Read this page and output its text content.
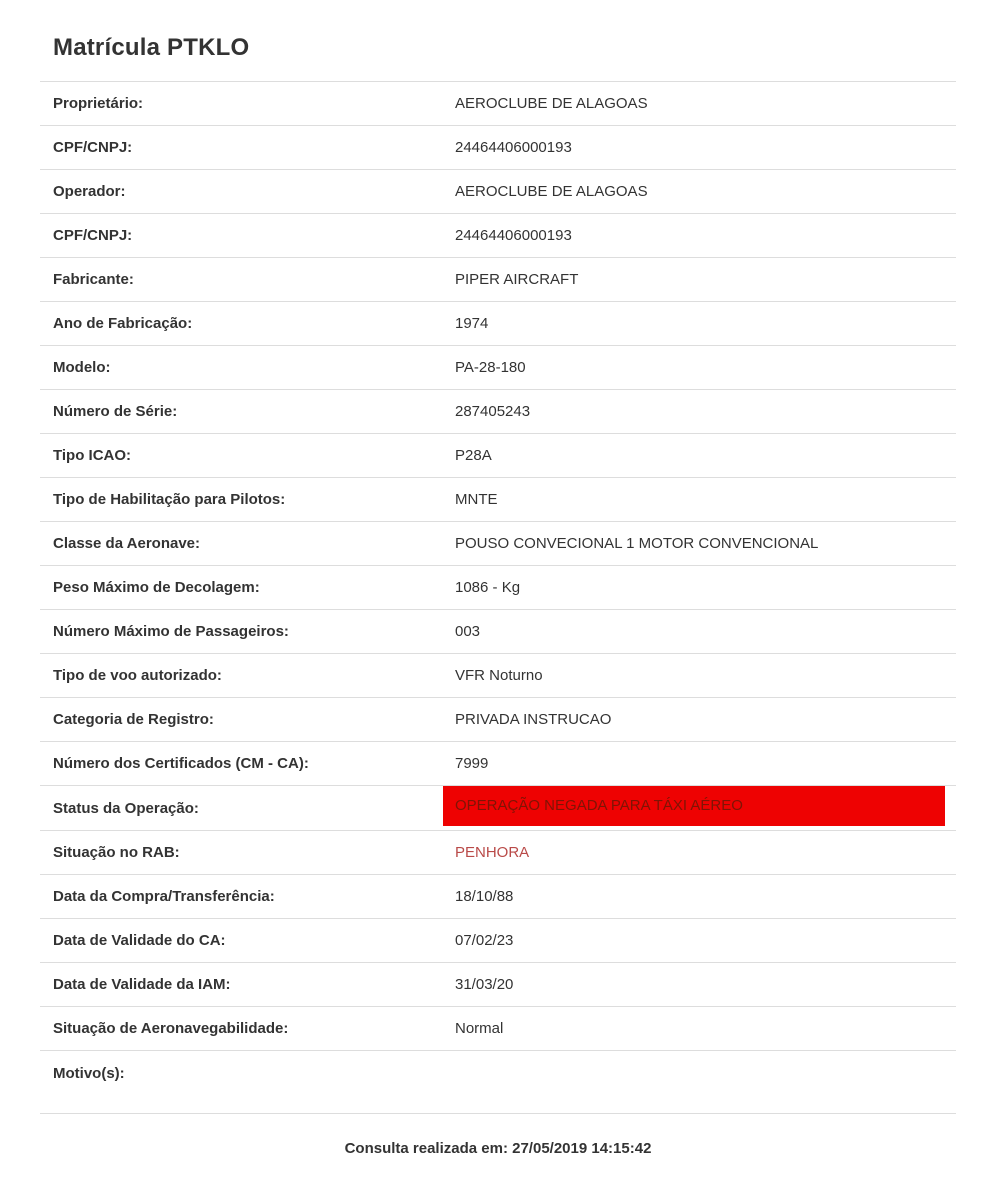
Matrícula PTKLO
Proprietário:	AEROCLUBE DE ALAGOAS
CPF/CNPJ:	24464406000193
Operador:	AEROCLUBE DE ALAGOAS
CPF/CNPJ:	24464406000193
Fabricante:	PIPER AIRCRAFT
Ano de Fabricação:	1974
Modelo:	PA-28-180
Número de Série:	287405243
Tipo ICAO:	P28A
Tipo de Habilitação para Pilotos:	MNTE
Classe da Aeronave:	POUSO CONVECIONAL 1 MOTOR CONVENCIONAL
Peso Máximo de Decolagem:	1086 - Kg
Número Máximo de Passageiros:	003
Tipo de voo autorizado:	VFR Noturno
Categoria de Registro:	PRIVADA INSTRUCAO
Número dos Certificados (CM - CA):	7999
Status da Operação:	OPERAÇÃO NEGADA PARA TÁXI AÉREO
Situação no RAB:	PENHORA
Data da Compra/Transferência:	18/10/88
Data de Validade do CA:	07/02/23
Data de Validade da IAM:	31/03/20
Situação de Aeronavegabilidade:	Normal
Motivo(s):
Consulta realizada em: 27/05/2019 14:15:42
